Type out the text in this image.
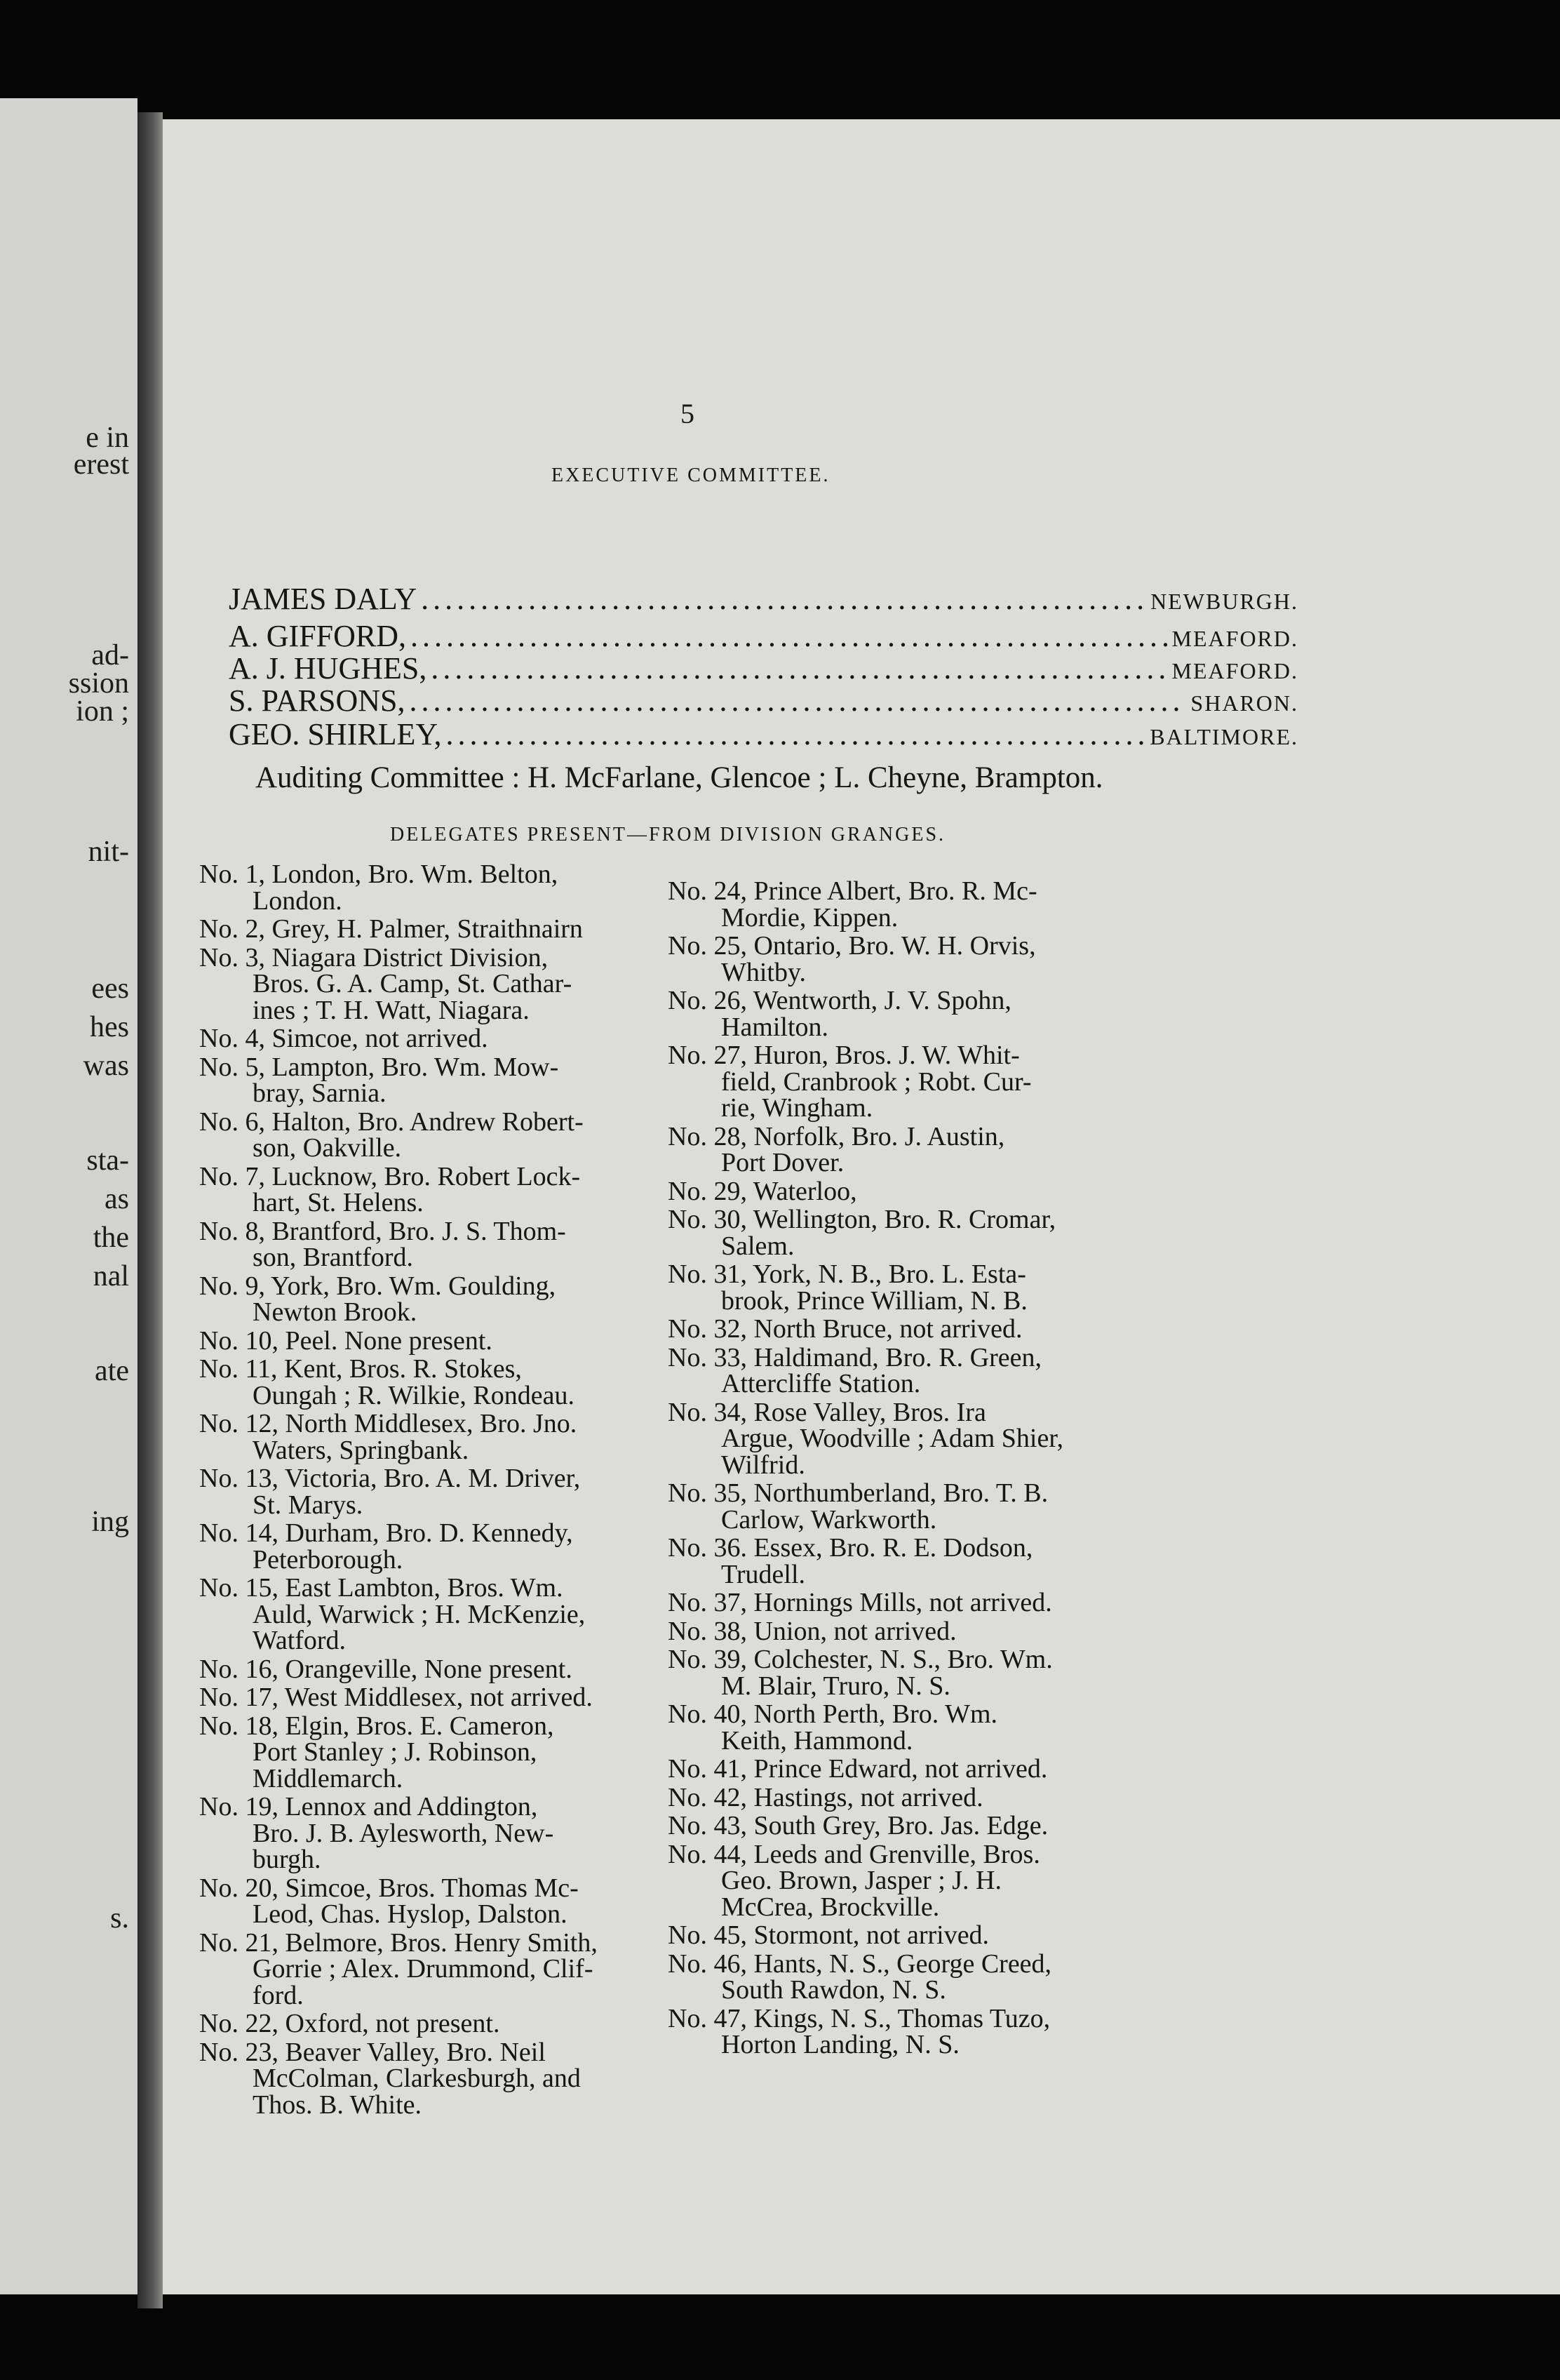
e in
erest
ad-
ssion
ion ;
nit-
ees
hes
was
sta-
as
the
nal
ate
ing
s.
5
EXECUTIVE COMMITTEE.
JAMES DALY .....	NEWBURGH.
A. GIFFORD, .....	MEAFORD.
A. J. HUGHES, .....	MEAFORD.
S. PARSONS, .....	SHARON.
GEO. SHIRLEY, .....	BALTIMORE.
Auditing Committee : H. McFarlane, Glencoe ; L. Cheyne, Brampton.
DELEGATES PRESENT—FROM DIVISION GRANGES.
No. 1, London, Bro. Wm. Belton,
London.
No. 2, Grey, H. Palmer, Straithnairn
No. 3, Niagara District Division,
Bros. G. A. Camp, St. Cathar-
ines ; T. H. Watt, Niagara.
No. 4, Simcoe, not arrived.
No. 5, Lampton, Bro. Wm. Mow-
bray, Sarnia.
No. 6, Halton, Bro. Andrew Robert-
son, Oakville.
No. 7, Lucknow, Bro. Robert Lock-
hart, St. Helens.
No. 8, Brantford, Bro. J. S. Thom-
son, Brantford.
No. 9, York, Bro. Wm. Goulding,
Newton Brook.
No. 10, Peel. None present.
No. 11, Kent, Bros. R. Stokes,
Oungah ; R. Wilkie, Rondeau.
No. 12, North Middlesex, Bro. Jno.
Waters, Springbank.
No. 13, Victoria, Bro. A. M. Driver,
St. Marys.
No. 14, Durham, Bro. D. Kennedy,
Peterborough.
No. 15, East Lambton, Bros. Wm.
Auld, Warwick ; H. McKenzie,
Watford.
No. 16, Orangeville, None present.
No. 17, West Middlesex, not arrived.
No. 18, Elgin, Bros. E. Cameron,
Port Stanley ; J. Robinson,
Middlemarch.
No. 19, Lennox and Addington,
Bro. J. B. Aylesworth, New-
burgh.
No. 20, Simcoe, Bros. Thomas Mc-
Leod, Chas. Hyslop, Dalston.
No. 21, Belmore, Bros. Henry Smith,
Gorrie ; Alex. Drummond, Clif-
ford.
No. 22, Oxford, not present.
No. 23, Beaver Valley, Bro. Neil
McColman, Clarkesburgh, and
Thos. B. White.
No. 24, Prince Albert, Bro. R. Mc-
Mordie, Kippen.
No. 25, Ontario, Bro. W. H. Orvis,
Whitby.
No. 26, Wentworth, J. V. Spohn,
Hamilton.
No. 27, Huron, Bros. J. W. Whit-
field, Cranbrook ; Robt. Cur-
rie, Wingham.
No. 28, Norfolk, Bro. J. Austin,
Port Dover.
No. 29, Waterloo,
No. 30, Wellington, Bro. R. Cromar,
Salem.
No. 31, York, N. B., Bro. L. Esta-
brook, Prince William, N. B.
No. 32, North Bruce, not arrived.
No. 33, Haldimand, Bro. R. Green,
Attercliffe Station.
No. 34, Rose Valley, Bros. Ira
Argue, Woodville ; Adam Shier,
Wilfrid.
No. 35, Northumberland, Bro. T. B.
Carlow, Warkworth.
No. 36. Essex, Bro. R. E. Dodson,
Trudell.
No. 37, Hornings Mills, not arrived.
No. 38, Union, not arrived.
No. 39, Colchester, N. S., Bro. Wm.
M. Blair, Truro, N. S.
No. 40, North Perth, Bro. Wm.
Keith, Hammond.
No. 41, Prince Edward, not arrived.
No. 42, Hastings, not arrived.
No. 43, South Grey, Bro. Jas. Edge.
No. 44, Leeds and Grenville, Bros.
Geo. Brown, Jasper ; J. H.
McCrea, Brockville.
No. 45, Stormont, not arrived.
No. 46, Hants, N. S., George Creed,
South Rawdon, N. S.
No. 47, Kings, N. S., Thomas Tuzo,
Horton Landing, N. S.
